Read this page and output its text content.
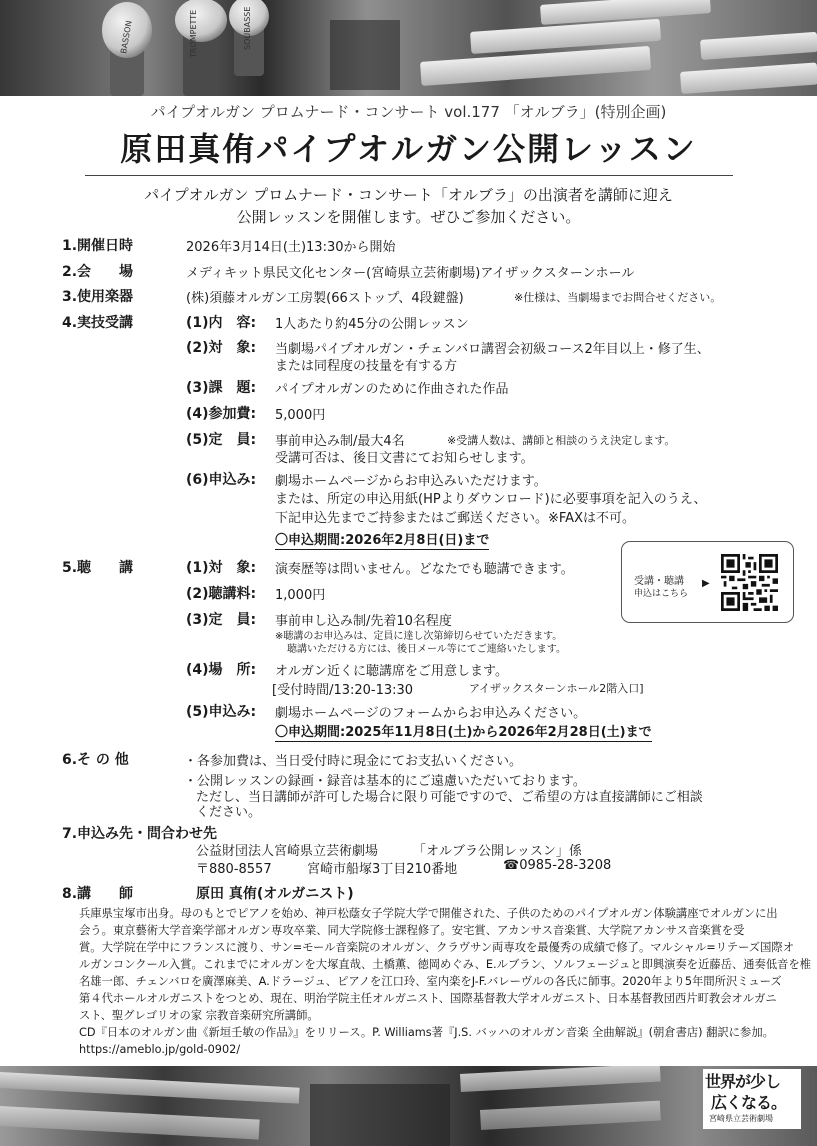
BASSON	TROMPETTE	SOUBASSE
パイプオルガン プロムナード・コンサート vol.177 「オルブラ」(特別企画)
原田真侑パイプオルガン公開レッスン
パイプオルガン プロムナード・コンサート「オルブラ」の出演者を講師に迎え
公開レッスンを開催します。ぜひご参加ください。
1.開催日時	2026年3月14日(土)13:30から開始
2.会　　場	メディキット県民文化センター(宮崎県立芸術劇場)アイザックスターンホール
3.使用楽器	(株)須藤オルガン工房製(66ストップ、4段鍵盤)	※仕様は、当劇場までお問合せください。
4.実技受講	(1)内　容: 1人あたり約45分の公開レッスン
(2)対　象: 当劇場パイプオルガン・チェンバロ講習会初級コース2年目以上・修了生、
または同程度の技量を有する方
(3)課　題: パイプオルガンのために作曲された作品
(4)参加費: 5,000円
(5)定　員: 事前申込み制/最大4名	※受講人数は、講師と相談のうえ決定します。
受講可否は、後日文書にてお知らせします。
(6)申込み: 劇場ホームページからお申込みいただけます。
または、所定の申込用紙(HPよりダウンロード)に必要事項を記入のうえ、
下記申込先までご持参またはご郵送ください。※FAXは不可。
〇申込期間:2026年2月8日(日)まで
受講・聴講
申込はこちら
▶
5.聴　　講	(1)対　象: 演奏歴等は問いません。どなたでも聴講できます。
(2)聴講料: 1,000円
(3)定　員: 事前申し込み制/先着10名程度
※聴講のお申込みは、定員に達し次第締切らせていただきます。
聴講いただける方には、後日メール等にてご連絡いたします。
(4)場　所: オルガン近くに聴講席をご用意します。
[受付時間/13:20-13:30	アイザックスターンホール2階入口]
(5)申込み: 劇場ホームページのフォームからお申込みください。
〇申込期間:2025年11月8日(土)から2026年2月28日(土)まで
6.そ の 他	・各参加費は、当日受付時に現金にてお支払いください。
・公開レッスンの録画・録音は基本的にご遠慮いただいております。
ただし、当日講師が許可した場合に限り可能ですので、ご希望の方は直接講師にご相談
ください。
7.申込み先・問合わせ先
公益財団法人宮崎県立芸術劇場	「オルブラ公開レッスン」係
〒880-8557	宮崎市船塚3丁目210番地	☎0985-28-3208
8.講　　師	原田 真侑(オルガニスト)
兵庫県宝塚市出身。母のもとでピアノを始め、神戸松蔭女子学院大学で開催された、子供のためのパイプオルガン体験講座でオルガンに出
会う。東京藝術大学音楽学部オルガン専攻卒業、同大学院修士課程修了。安宅賞、アカンサス音楽賞、大学院アカンサス音楽賞を受
賞。大学院在学中にフランスに渡り、サン=モール音楽院のオルガン、クラヴサン両専攻を最優秀の成績で修了。マルシャル=リテーズ国際オ
ルガンコンクール入賞。これまでにオルガンを大塚直哉、土橋薫、徳岡めぐみ、E.ルブラン、ソルフェージュと即興演奏を近藤岳、通奏低音を椎
名雄一郎、チェンバロを廣澤麻美、A.ドラージュ、ピアノを江口玲、室内楽をJ-F.バレーヴルの各氏に師事。2020年より5年間所沢ミューズ
第４代ホールオルガニストをつとめ、現在、明治学院主任オルガニスト、国際基督教大学オルガニスト、日本基督教団西片町教会オルガニ
スト、聖グレゴリオの家 宗教音楽研究所講師。
CD『日本のオルガン曲《新垣壬敏の作品》』をリリース。P. Williams著『J.S. バッハのオルガン音楽 全曲解説』(朝倉書店) 翻訳に参加。
https://ameblo.jp/gold-0902/
世界が少し
広くなる。
宮崎県立芸術劇場
